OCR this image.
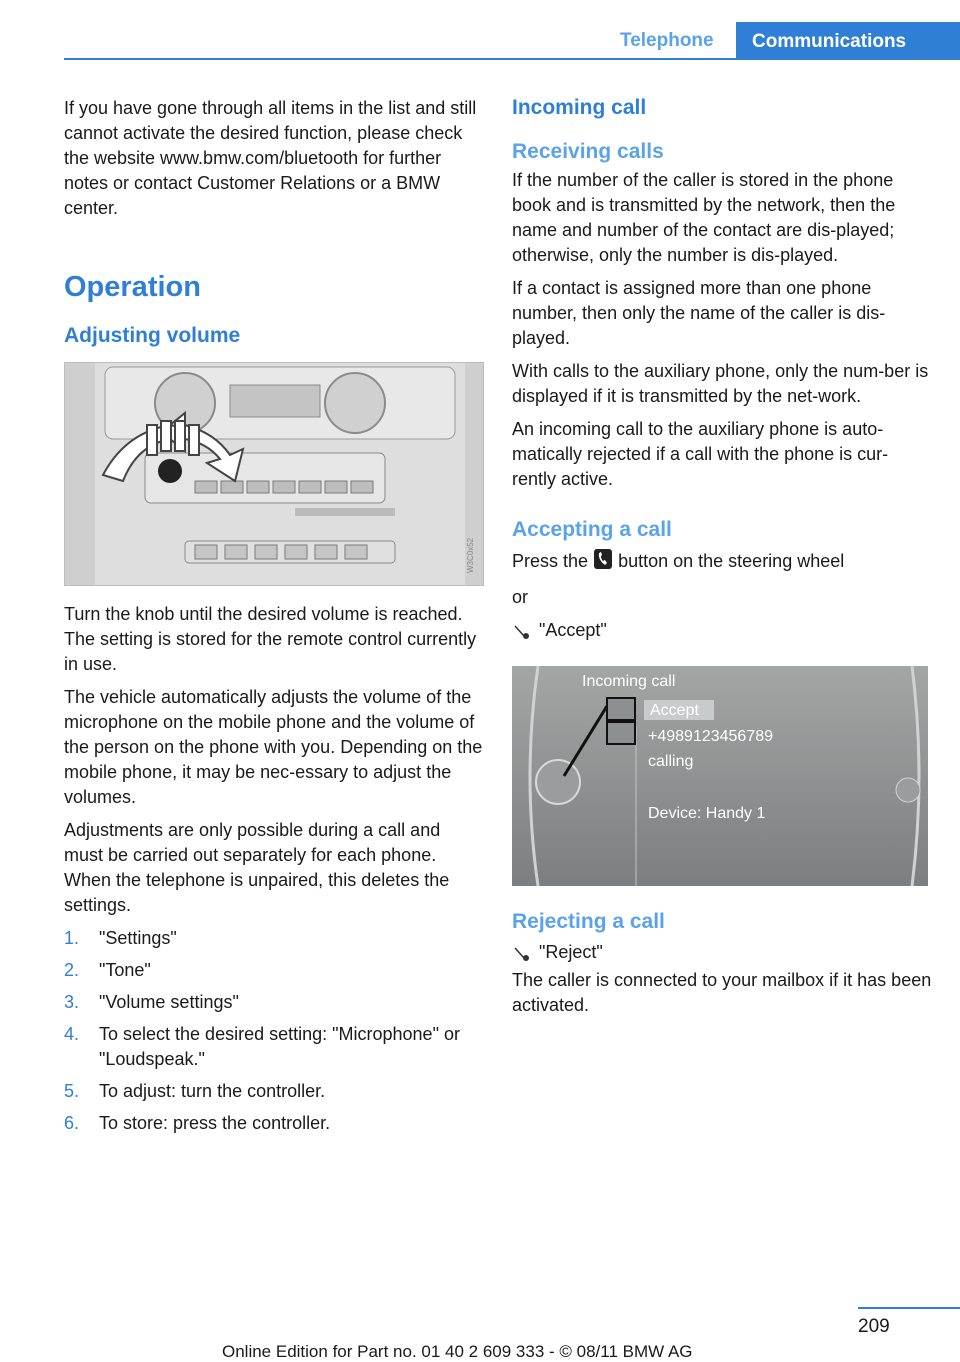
Telephone	Communications

If you have gone through all items in the list and still cannot activate the desired function, please check the website www.bmw.com/bluetooth for further notes or contact Customer Relations or a BMW center.

Operation
Adjusting volume
W3C0x52

Turn the knob until the desired volume is reached. The setting is stored for the remote control currently in use.

The vehicle automatically adjusts the volume of the microphone on the mobile phone and the volume of the person on the phone with you. Depending on the mobile phone, it may be nec-essary to adjust the volumes.

Adjustments are only possible during a call and must be carried out separately for each phone. When the telephone is unpaired, this deletes the settings.

1. "Settings"
2. "Tone"
3. "Volume settings"
4. To select the desired setting: "Microphone" or "Loudspeak."
5. To adjust: turn the controller.
6. To store: press the controller.
Incoming call
Receiving calls

If the number of the caller is stored in the phone book and is transmitted by the network, then the name and number of the contact are dis-played; otherwise, only the number is dis-played.

If a contact is assigned more than one phone number, then only the name of the caller is dis-played.

With calls to the auxiliary phone, only the num-ber is displayed if it is transmitted by the net-work.

An incoming call to the auxiliary phone is auto-matically rejected if a call with the phone is cur-rently active.

Accepting a call

Press the button on the steering wheel

or

"Accept"

Incoming call
Accept
+4989123456789
calling
Device: Handy 1
Rejecting a call

"Reject"
The caller is connected to your mailbox if it has been activated.

209
Online Edition for Part no. 01 40 2 609 333 - © 08/11 BMW AG
